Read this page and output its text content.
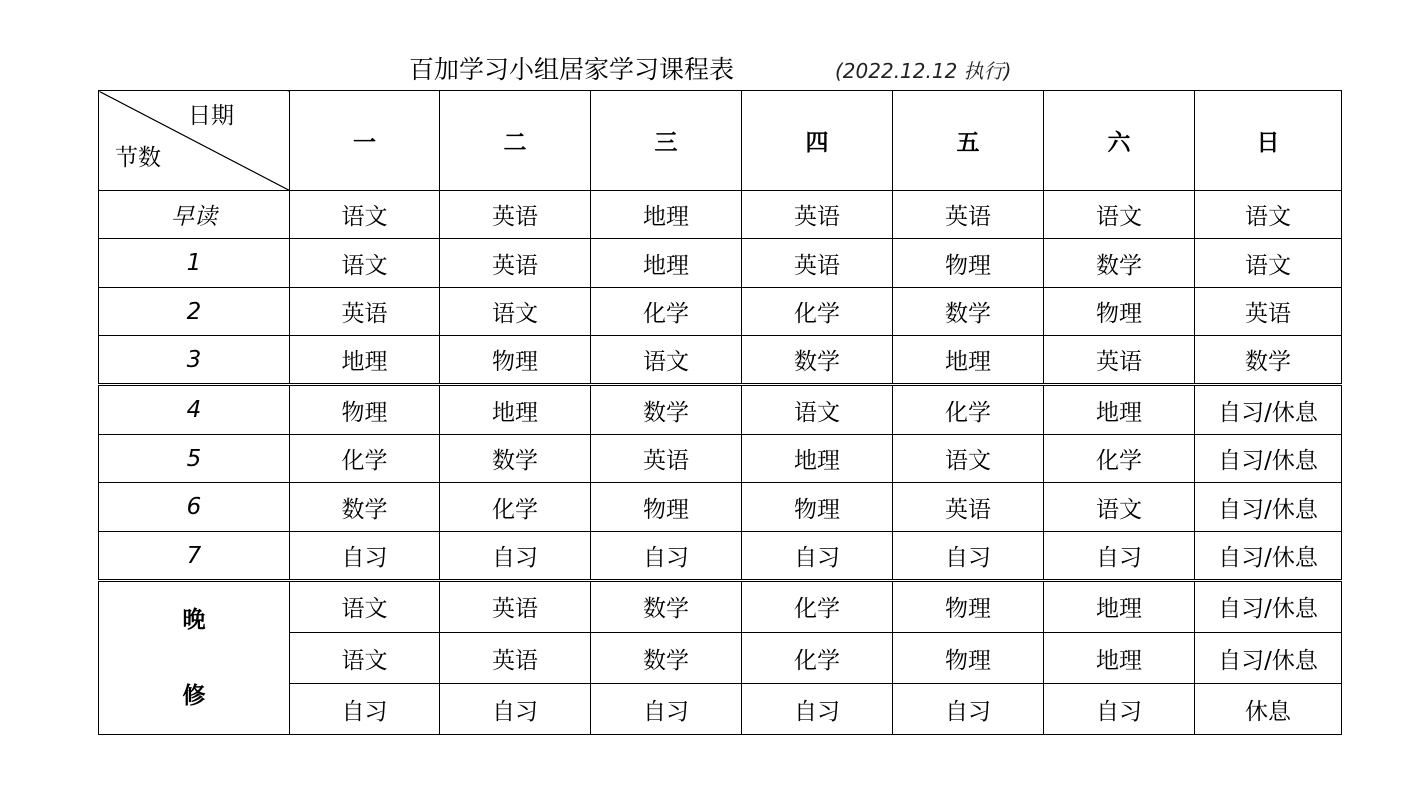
百加学习小组居家学习课程表	(2022.12.12 执行)
日期
节数	一	二	三	四	五	六	日
早读	语文	英语	地理	英语	英语	语文	语文
1	语文	英语	地理	英语	物理	数学	语文
2	英语	语文	化学	化学	数学	物理	英语
3	地理	物理	语文	数学	地理	英语	数学
4	物理	地理	数学	语文	化学	地理	自习/休息
5	化学	数学	英语	地理	语文	化学	自习/休息
6	数学	化学	物理	物理	英语	语文	自习/休息
7	自习	自习	自习	自习	自习	自习	自习/休息

晚
修	语文	英语	数学	化学	物理	地理	自习/休息
	语文	英语	数学	化学	物理	地理	自习/休息
	自习	自习	自习	自习	自习	自习	休息
